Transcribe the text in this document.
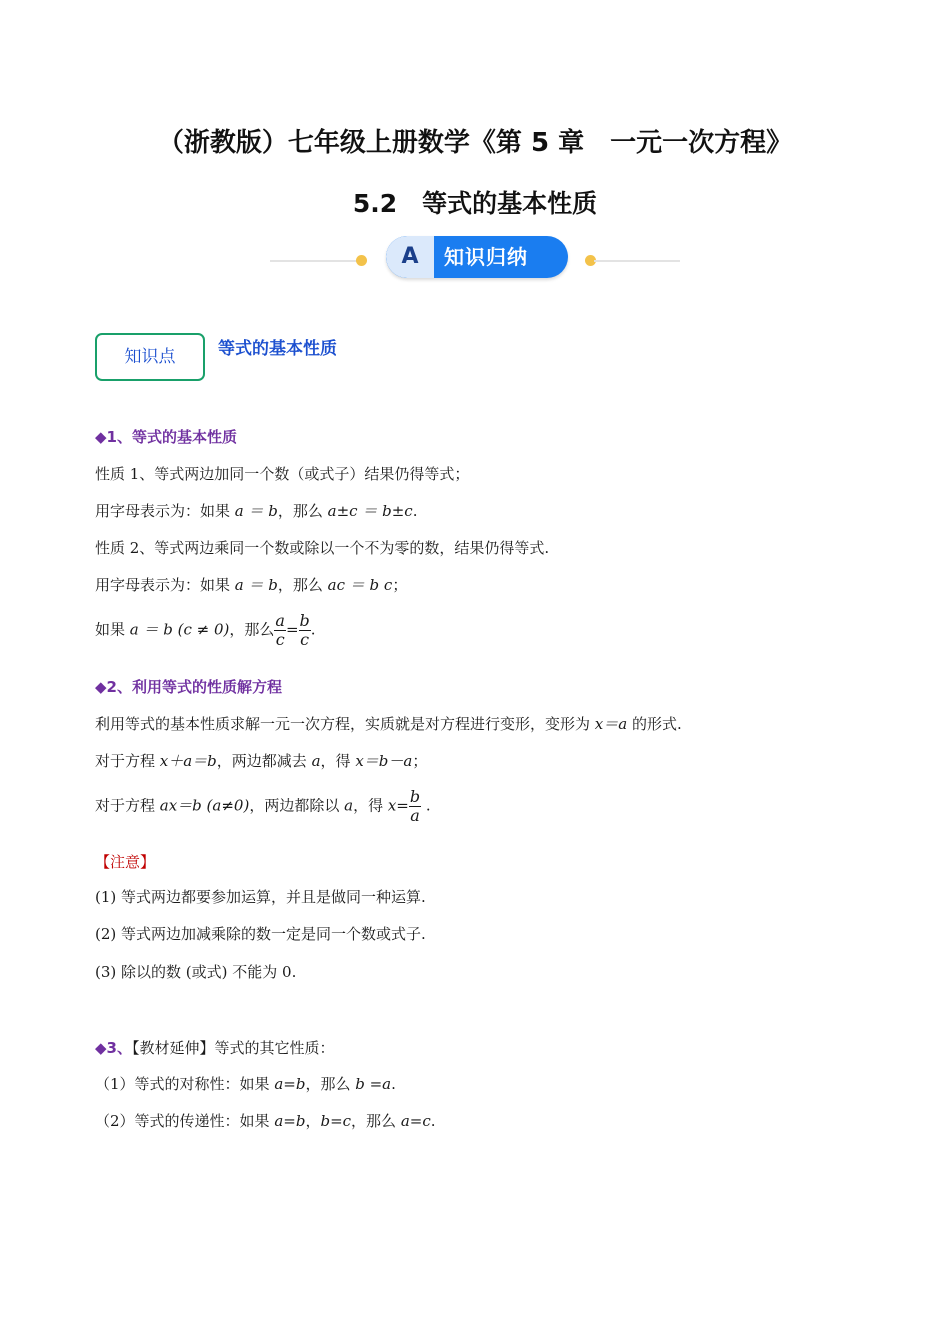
（浙教版）七年级上册数学《第 5 章　一元一次方程》
5.2　等式的基本性质
A	知识归纳
知识点	等式的基本性质
◆1、等式的基本性质
性质 1、等式两边加同一个数（或式子）结果仍得等式；
用字母表示为：如果 a ＝ b，那么 a±c ＝ b±c.
性质 2、等式两边乘同一个数或除以一个不为零的数，结果仍得等式.
用字母表示为：如果 a ＝ b，那么 ac ＝ b c；
如果 a ＝ b (c ≠ 0)，那么 $\frac{a}{c} = \frac{b}{c}$ .
◆2、利用等式的性质解方程
利用等式的基本性质求解一元一次方程，实质就是对方程进行变形，变形为 x＝a 的形式.
对于方程 x＋a＝b，两边都减去 a，得 x＝b－a；
对于方程 ax＝b (a≠0)，两边都除以 a，得 $x= \frac{b}{a}$ .
【注意】
(1) 等式两边都要参加运算，并且是做同一种运算.
(2) 等式两边加减乘除的数一定是同一个数或式子.
(3) 除以的数 (或式) 不能为 0.
◆3、【教材延伸】等式的其它性质：
（1）等式的对称性：如果 a=b，那么 b =a.
（2）等式的传递性：如果 a=b，b=c，那么 a=c.
